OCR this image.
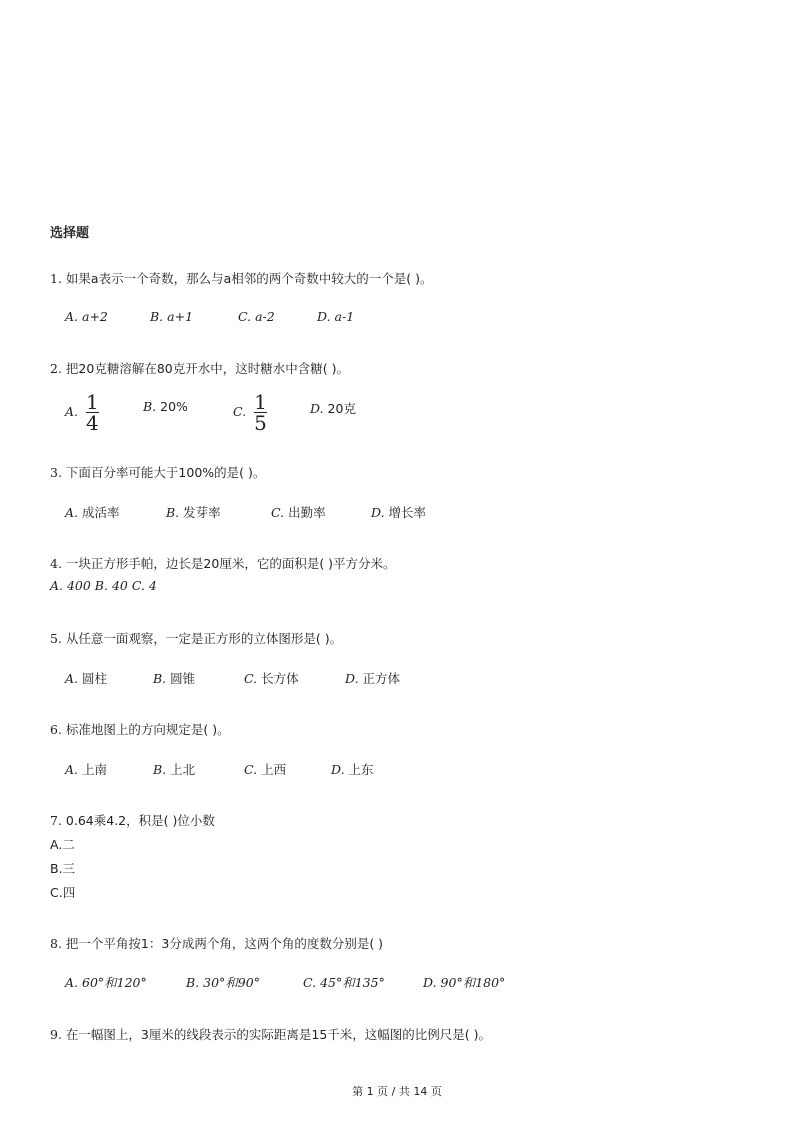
选择题
1. 如果a表示一个奇数，那么与a相邻的两个奇数中较大的一个是( )。
A. a+2	B. a+1	C. a-2	D. a-1
2. 把20克糖溶解在80克开水中，这时糖水中含糖( )。
A. $\frac{1}{4}$	B. 20%	C. $\frac{1}{5}$	D. 20克
3. 下面百分率可能大于100%的是( )。
A. 成活率	B. 发芽率	C. 出勤率	D. 增长率
4. 一块正方形手帕，边长是20厘米，它的面积是( )平方分米。
A. 400 B. 40 C. 4
5. 从任意一面观察，一定是正方形的立体图形是( )。
A. 圆柱	B. 圆锥	C. 长方体	D. 正方体
6. 标准地图上的方向规定是( )。
A. 上南	B. 上北	C. 上西	D. 上东
7. 0.64乘4.2，积是( )位小数
A.二
B.三
C.四
8. 把一个平角按1：3分成两个角，这两个角的度数分别是( )
A. 60°和120°	B. 30°和90°	C. 45°和135°	D. 90°和180°
9. 在一幅图上，3厘米的线段表示的实际距离是15千米，这幅图的比例尺是( )。
第 1 页 / 共 14 页
